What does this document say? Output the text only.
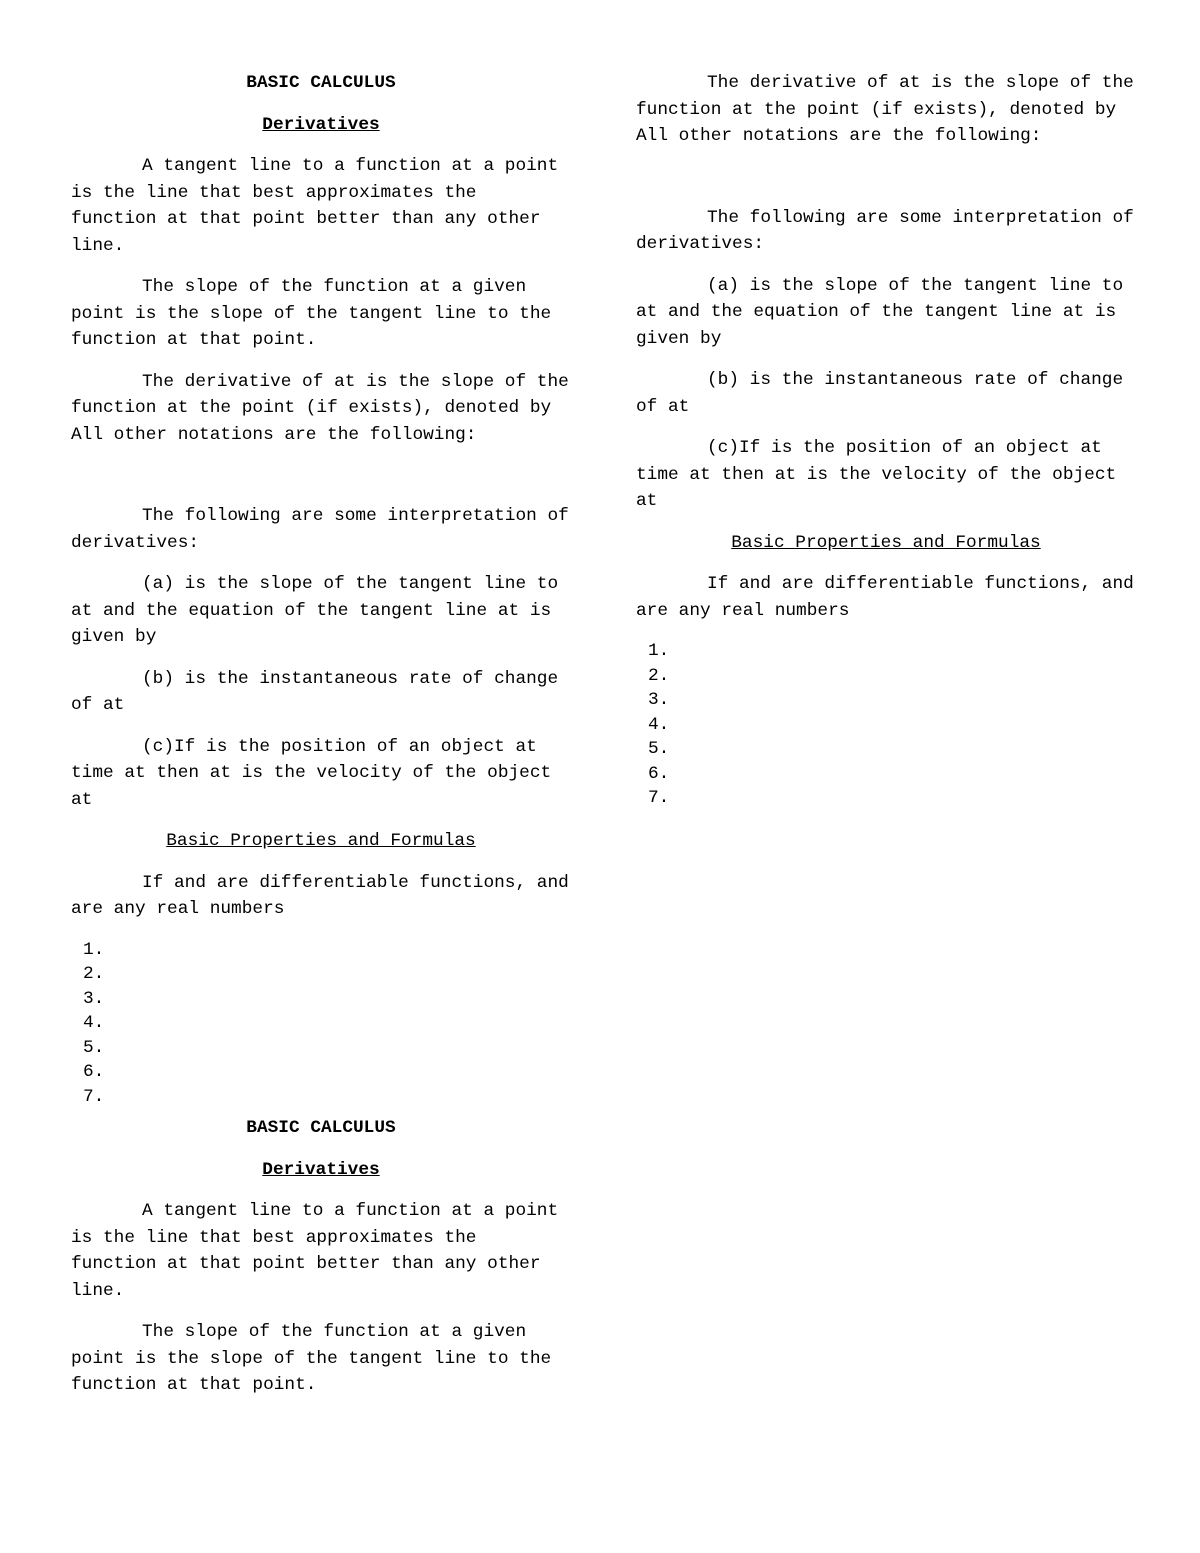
BASIC CALCULUS

Derivatives

A tangent line to a function at a point is the line that best approximates the function at that point better than any other line.

The slope of the function at a given point is the slope of the tangent line to the function at that point.

The derivative of at is the slope of the function at the point (if exists), denoted by All other notations are the following:

The following are some interpretation of derivatives:

(a) is the slope of the tangent line to at and the equation of the tangent line at is given by

(b) is the instantaneous rate of change of at

(c)If is the position of an object at time at then at is the velocity of the object at

Basic Properties and Formulas

If and are differentiable functions, and are any real numbers

1.
2.
3.
4.
5.
6.
7.

BASIC CALCULUS

Derivatives

A tangent line to a function at a point is the line that best approximates the function at that point better than any other line.

The slope of the function at a given point is the slope of the tangent line to the function at that point.

The derivative of at is the slope of the function at the point (if exists), denoted by All other notations are the following:

The following are some interpretation of derivatives:

(a) is the slope of the tangent line to at and the equation of the tangent line at is given by

(b) is the instantaneous rate of change of at

(c)If is the position of an object at time at then at is the velocity of the object at

Basic Properties and Formulas

If and are differentiable functions, and are any real numbers

1.
2.
3.
4.
5.
6.
7.
